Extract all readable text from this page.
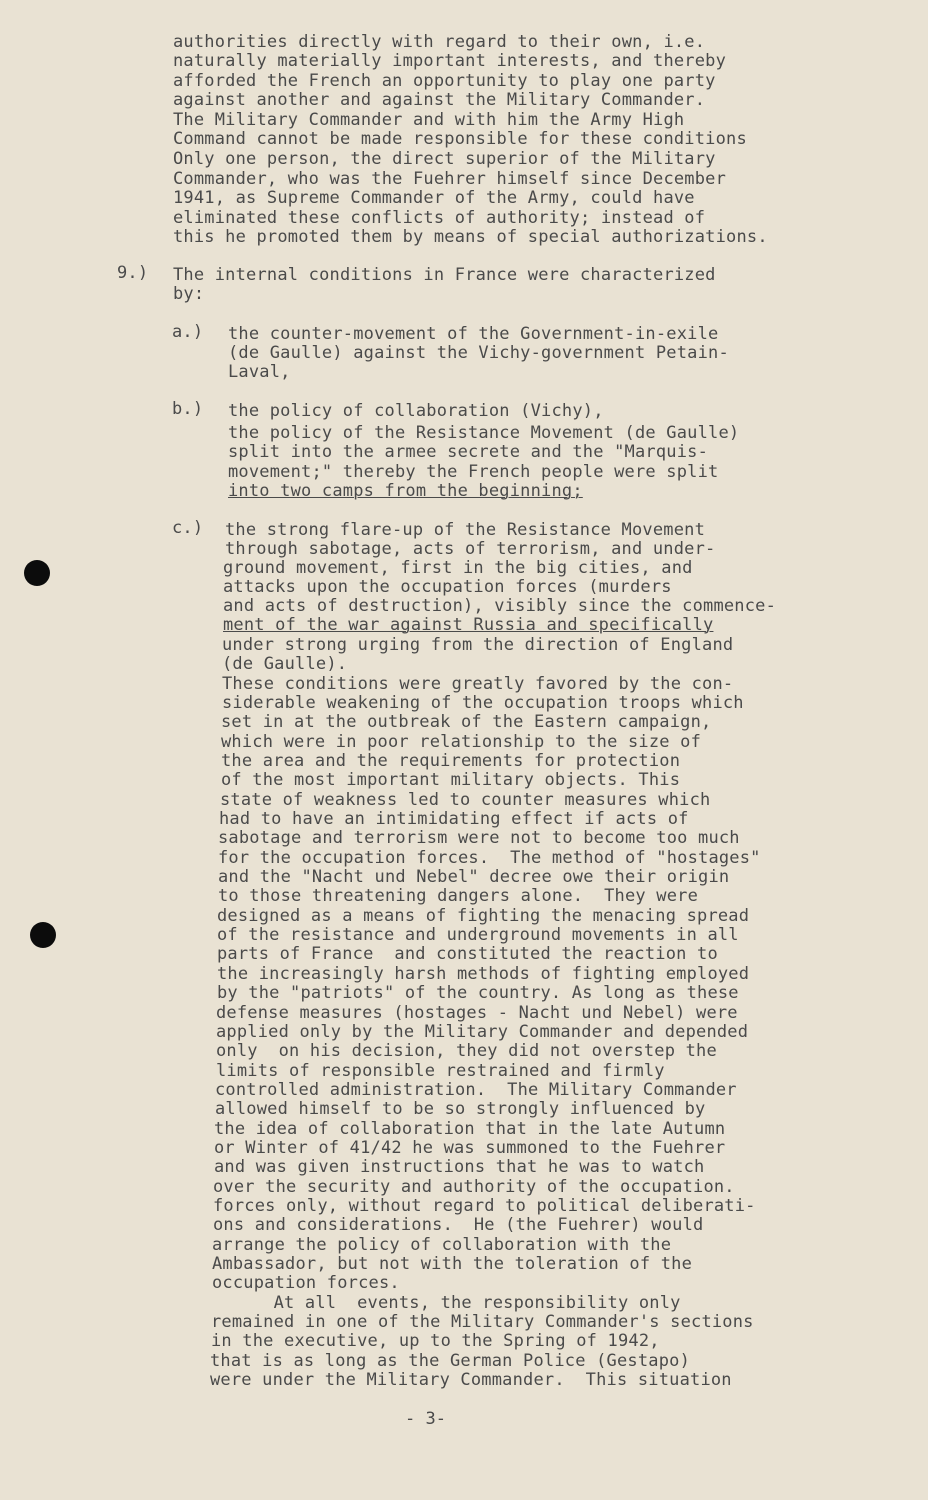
authorities directly with regard to their own, i.e.
naturally materially important interests, and thereby
afforded the French an opportunity to play one party
against another and against the Military Commander.
The Military Commander and with him the Army High
Command cannot be made responsible for these conditions
Only one person, the direct superior of the Military
Commander, who was the Fuehrer himself since December
1941, as Supreme Commander of the Army, could have
eliminated these conflicts of authority; instead of
this he promoted them by means of special authorizations.
9.) The internal conditions in France were characterized
by:
a.) the counter-movement of the Government-in-exile
(de Gaulle) against the Vichy-government Petain-
Laval,
b.) the policy of collaboration (Vichy),
the policy of the Resistance Movement (de Gaulle)
split into the armee secrete and the "Marquis-
movement;" thereby the French people were split
into two camps from the beginning;
c.) the strong flare-up of the Resistance Movement
through sabotage, acts of terrorism, and under-
ground movement, first in the big cities, and
attacks upon the occupation forces (murders
and acts of destruction), visibly since the commence-
ment of the war against Russia and specifically
under strong urging from the direction of England
(de Gaulle).
These conditions were greatly favored by the con-
siderable weakening of the occupation troops which
set in at the outbreak of the Eastern campaign,
which were in poor relationship to the size of
the area and the requirements for protection
of the most important military objects. This
state of weakness led to counter measures which
had to have an intimidating effect if acts of
sabotage and terrorism were not to become too much
for the occupation forces.  The method of "hostages"
and the "Nacht und Nebel" decree owe their origin
to those threatening dangers alone.  They were
designed as a means of fighting the menacing spread
of the resistance and underground movements in all
parts of France  and constituted the reaction to
the increasingly harsh methods of fighting employed
by the "patriots" of the country. As long as these
defense measures (hostages - Nacht und Nebel) were
applied only by the Military Commander and depended
only  on his decision, they did not overstep the
limits of responsible restrained and firmly
controlled administration.  The Military Commander
allowed himself to be so strongly influenced by
the idea of collaboration that in the late Autumn
or Winter of 41/42 he was summoned to the Fuehrer
and was given instructions that he was to watch
over the security and authority of the occupation.
forces only, without regard to political deliberati-
ons and considerations.  He (the Fuehrer) would
arrange the policy of collaboration with the
Ambassador, but not with the toleration of the
occupation forces.
At all  events, the responsibility only
remained in one of the Military Commander's sections
in the executive, up to the Spring of 1942,
that is as long as the German Police (Gestapo)
were under the Military Commander.  This situation
- 3-
